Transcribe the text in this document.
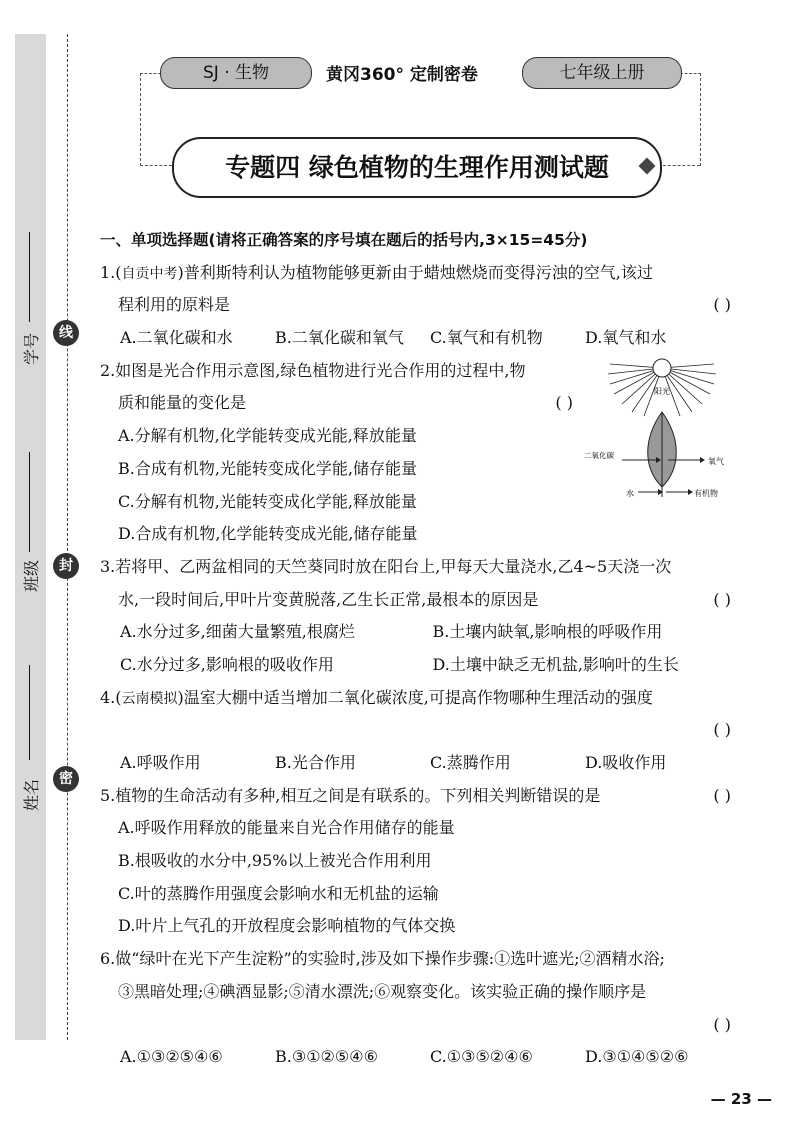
学号
班级
姓名
线
封
密
SJ · 生物	黄冈360° 定制密卷	七年级上册
专题四 绿色植物的生理作用测试题
一、单项选择题(请将正确答案的序号填在题后的括号内,3×15=45分)
1.(自贡中考)普利斯特利认为植物能够更新由于蜡烛燃烧而变得污浊的空气,该过
程利用的原料是	( )
A.二氧化碳和水	B.二氧化碳和氧气	C.氧气和有机物	D.氧气和水
2.如图是光合作用示意图,绿色植物进行光合作用的过程中,物
质和能量的变化是	( )
A.分解有机物,化学能转变成光能,释放能量
B.合成有机物,光能转变成化学能,储存能量
C.分解有机物,光能转变成化学能,释放能量
D.合成有机物,化学能转变成光能,储存能量
3.若将甲、乙两盆相同的天竺葵同时放在阳台上,甲每天大量浇水,乙4~5天浇一次
水,一段时间后,甲叶片变黄脱落,乙生长正常,最根本的原因是	( )
A.水分过多,细菌大量繁殖,根腐烂	B.土壤内缺氧,影响根的呼吸作用
C.水分过多,影响根的吸收作用	D.土壤中缺乏无机盐,影响叶的生长
4.(云南模拟)温室大棚中适当增加二氧化碳浓度,可提高作物哪种生理活动的强度
( )
A.呼吸作用	B.光合作用	C.蒸腾作用	D.吸收作用
5.植物的生命活动有多种,相互之间是有联系的。下列相关判断错误的是	( )
A.呼吸作用释放的能量来自光合作用储存的能量
B.根吸收的水分中,95%以上被光合作用利用
C.叶的蒸腾作用强度会影响水和无机盐的运输
D.叶片上气孔的开放程度会影响植物的气体交换
6.做“绿叶在光下产生淀粉”的实验时,涉及如下操作步骤:①选叶遮光;②酒精水浴;
③黑暗处理;④碘酒显影;⑤清水漂洗;⑥观察变化。该实验正确的操作顺序是
( )
A.①③②⑤④⑥	B.③①②⑤④⑥	C.①③⑤②④⑥	D.③①④⑤②⑥
阳光
二氧化碳
氧气
水	有机物
— 23 —
